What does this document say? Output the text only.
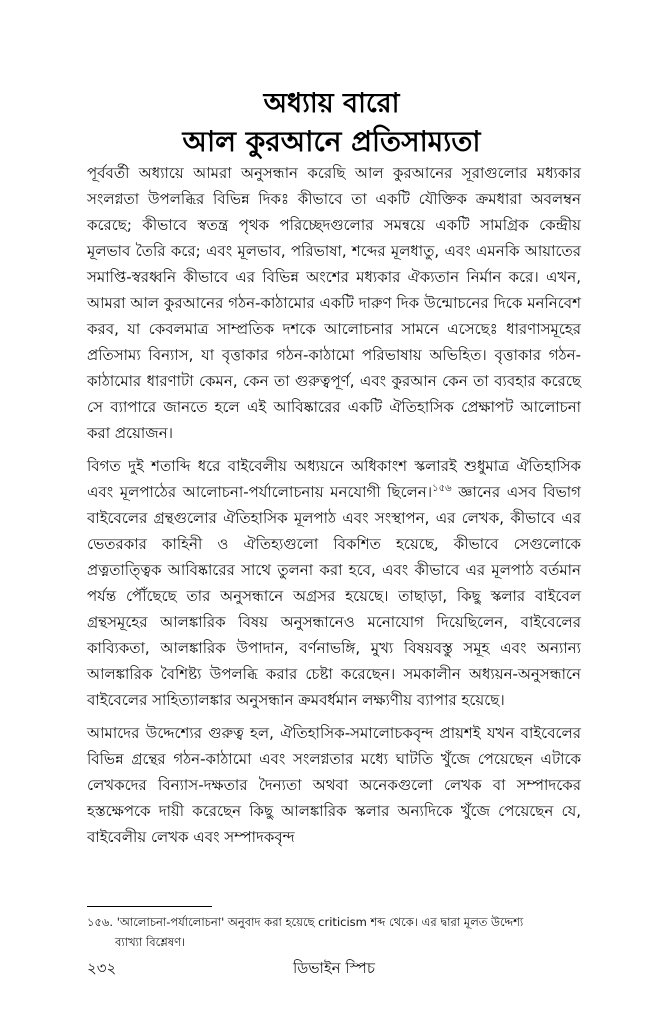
অধ্যায় বারো
আল কুরআনে প্রতিসাম্যতা

পূর্ববর্তী অধ্যায়ে আমরা অনুসন্ধান করেছি আল কুরআনের সূরাগুলোর মধ্যকার সংলগ্নতা উপলব্ধির বিভিন্ন দিকঃ কীভাবে তা একটি যৌক্তিক ক্রমধারা অবলম্বন করেছে; কীভাবে স্বতন্ত্র পৃথক পরিচ্ছেদগুলোর সমন্বয়ে একটি সামগ্রিক কেন্দ্রীয় মূলভাব তৈরি করে; এবং মূলভাব, পরিভাষা, শব্দের মূলধাতু, এবং এমনকি আয়াতের সমাপ্তি-স্বরধ্বনি কীভাবে এর বিভিন্ন অংশের মধ্যকার ঐক্যতান নির্মান করে। এখন, আমরা আল কুরআনের গঠন-কাঠামোর একটি দারুণ দিক উন্মোচনের দিকে মননিবেশ করব, যা কেবলমাত্র সাম্প্রতিক দশকে আলোচনার সামনে এসেছেঃ ধারণাসমূহের প্রতিসাম্য বিন্যাস, যা বৃত্তাকার গঠন-কাঠামো পরিভাষায় অভিহিত। বৃত্তাকার গঠন-কাঠামোর ধারণাটা কেমন, কেন তা গুরুত্বপূর্ণ, এবং কুরআন কেন তা ব্যবহার করেছে সে ব্যাপারে জানতে হলে এই আবিষ্কারের একটি ঐতিহাসিক প্রেক্ষাপট আলোচনা করা প্রয়োজন।

বিগত দুই শতাব্দি ধরে বাইবেলীয় অধ্যয়নে অধিকাংশ স্কলারই শুধুমাত্র ঐতিহাসিক এবং মূলপাঠের আলোচনা-পর্যালোচনায় মনযোগী ছিলেন।$^{১৫৬}$ জ্ঞানের এসব বিভাগ বাইবেলের গ্রন্থগুলোর ঐতিহাসিক মূলপাঠ এবং সংস্থাপন, এর লেখক, কীভাবে এর ভেতরকার কাহিনী ও ঐতিহ্যগুলো বিকশিত হয়েছে, কীভাবে সেগুলোকে প্রত্নতাত্ত্বিক আবিষ্কারের সাথে তুলনা করা হবে, এবং কীভাবে এর মূলপাঠ বর্তমান পর্যন্ত পৌঁছেছে তার অনুসন্ধানে অগ্রসর হয়েছে। তাছাড়া, কিছু স্কলার বাইবেল গ্রন্থসমূহের আলঙ্কারিক বিষয় অনুসন্ধানেও মনোযোগ দিয়েছিলেন, বাইবেলের কাব্যিকতা, আলঙ্কারিক উপাদান, বর্ণনাভঙ্গি, মুখ্য বিষয়বস্তু সমূহ এবং অন্যান্য আলঙ্কারিক বৈশিষ্ট্য উপলব্ধি করার চেষ্টা করেছেন। সমকালীন অধ্যয়ন-অনুসন্ধানে বাইবেলের সাহিত্যালঙ্কার অনুসন্ধান ক্রমবর্ধমান লক্ষ্যণীয় ব্যাপার হয়েছে।

আমাদের উদ্দেশ্যের গুরুত্ব হল, ঐতিহাসিক-সমালোচকবৃন্দ প্রায়শই যখন বাইবেলের বিভিন্ন গ্রন্থের গঠন-কাঠামো এবং সংলগ্নতার মধ্যে ঘাটতি খুঁজে পেয়েছেন এটাকে লেখকদের বিন্যাস-দক্ষতার দৈন্যতা অথবা অনেকগুলো লেখক বা সম্পাদকের হস্তক্ষেপকে দায়ী করেছেন কিছু আলঙ্কারিক স্কলার অন্যদিকে খুঁজে পেয়েছেন যে, বাইবেলীয় লেখক এবং সম্পাদকবৃন্দ

১৫৬. 'আলোচনা-পর্যালোচনা' অনুবাদ করা হয়েছে criticism শব্দ থেকে। এর দ্বারা মূলত উদ্দেশ্য
ব্যাখ্যা বিশ্লেষণ।
২৩২	ডিভাইন স্পিচ
